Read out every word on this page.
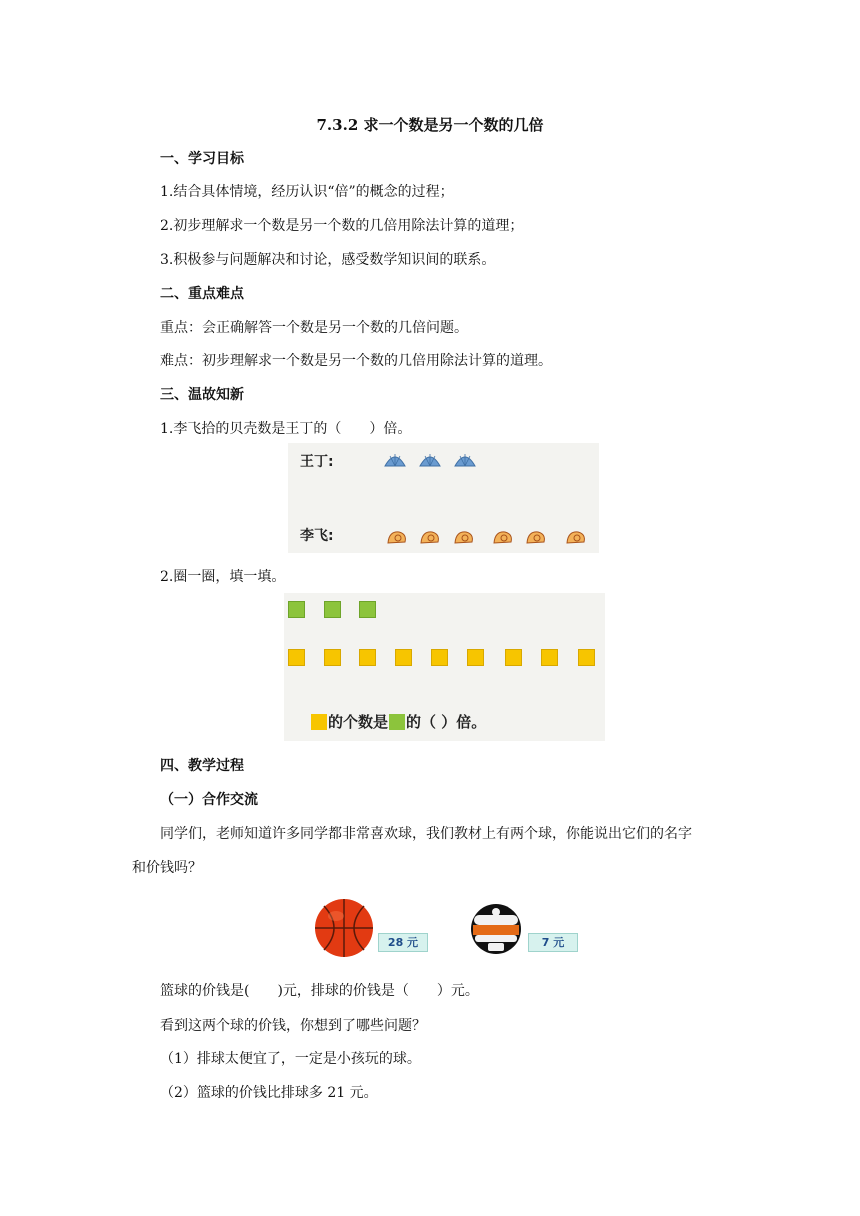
7.3.2 求一个数是另一个数的几倍
一、学习目标
1.结合具体情境，经历认识“倍”的概念的过程；
2.初步理解求一个数是另一个数的几倍用除法计算的道理；
3.积极参与问题解决和讨论，感受数学知识间的联系。
二、重点难点
重点：会正确解答一个数是另一个数的几倍问题。
难点：初步理解求一个数是另一个数的几倍用除法计算的道理。
三、温故知新
1.李飞拾的贝壳数是王丁的（　　）倍。
王丁:
李飞:
2.圈一圈，填一填。
的个数是 的（ ）倍。
四、教学过程
（一）合作交流
同学们，老师知道许多同学都非常喜欢球，我们教材上有两个球，你能说出它们的名字
和价钱吗？
28 元	7 元
篮球的价钱是(　　)元，排球的价钱是（　　）元。
看到这两个球的价钱，你想到了哪些问题？
（1）排球太便宜了，一定是小孩玩的球。
（2）篮球的价钱比排球多 21 元。
